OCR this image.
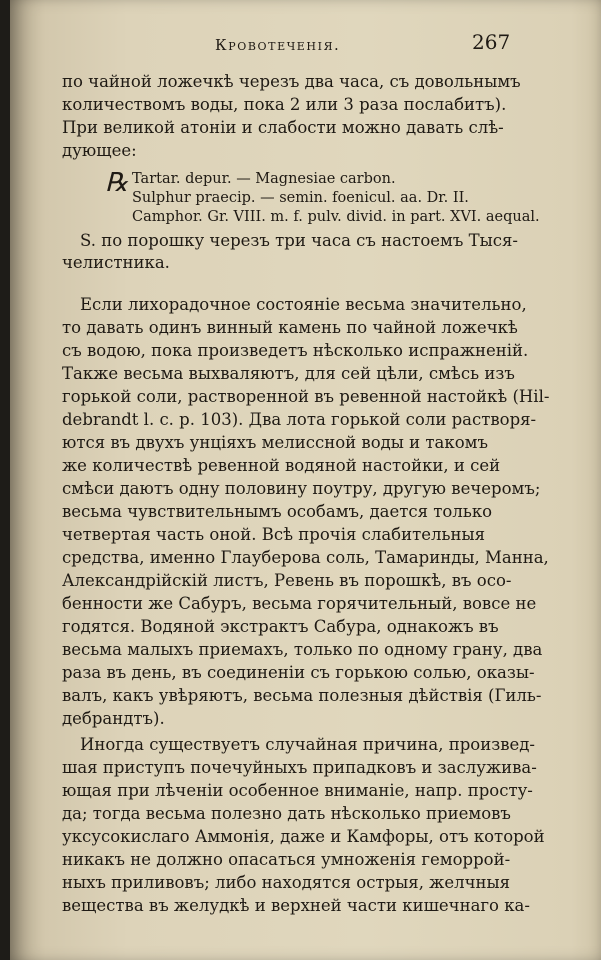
Кровотеченія.	267
по чайной ложечкѣ черезъ два часа, съ довольнымъ
количествомъ воды, пока 2 или 3 раза послабитъ).
При великой атоніи и слабости можно давать слѣ-
дующее:
℞ Tartar. depur. — Magnesiae carbon.
Sulphur praecip. — semin. foenicul. aa. Dr. II.
Camphor. Gr. VIII. m. f. pulv. divid. in part. XVI. aequal.
S. по порошку черезъ три часа съ настоемъ Тыся-
челистника.
Если лихорадочное состояніе весьма значительно,
то давать одинъ винный камень по чайной ложечкѣ
съ водою, пока произведетъ нѣсколько испражненій.
Также весьма выхваляютъ, для сей цѣли, смѣсь изъ
горькой соли, растворенной въ ревенной настойкѣ (Hil-
debrandt l. c. p. 103). Два лота горькой соли растворя-
ются въ двухъ унціяхъ мелиссной воды и такомъ
же количествѣ ревенной водяной настойки, и сей
смѣси даютъ одну половину поутру, другую вечеромъ;
весьма чувствительнымъ особамъ, дается только
четвертая часть оной. Всѣ прочія слабительныя
средства, именно Глауберова соль, Тамаринды, Манна,
Александрійскій листъ, Ревень въ порошкѣ, въ осо-
бенности же Сабуръ, весьма горячительный, вовсе не
годятся. Водяной экстрактъ Сабура, однакожъ въ
весьма малыхъ приемахъ, только по одному грану, два
раза въ день, въ соединеніи съ горькою солью, оказы-
валъ, какъ увѣряютъ, весьма полезныя дѣйствія (Гиль-
дебрандтъ).
Иногда существуетъ случайная причина, произвед-
шая приступъ почечуйныхъ припадковъ и заслужива-
ющая при лѣченіи особенное вниманіе, напр. просту-
да; тогда весьма полезно дать нѣсколько приемовъ
уксусокислаго Аммонія, даже и Камфоры, отъ которой
никакъ не должно опасаться умноженія геморрой-
ныхъ приливовъ; либо находятся острыя, желчныя
вещества въ желудкѣ и верхней части кишечнаго ка-
